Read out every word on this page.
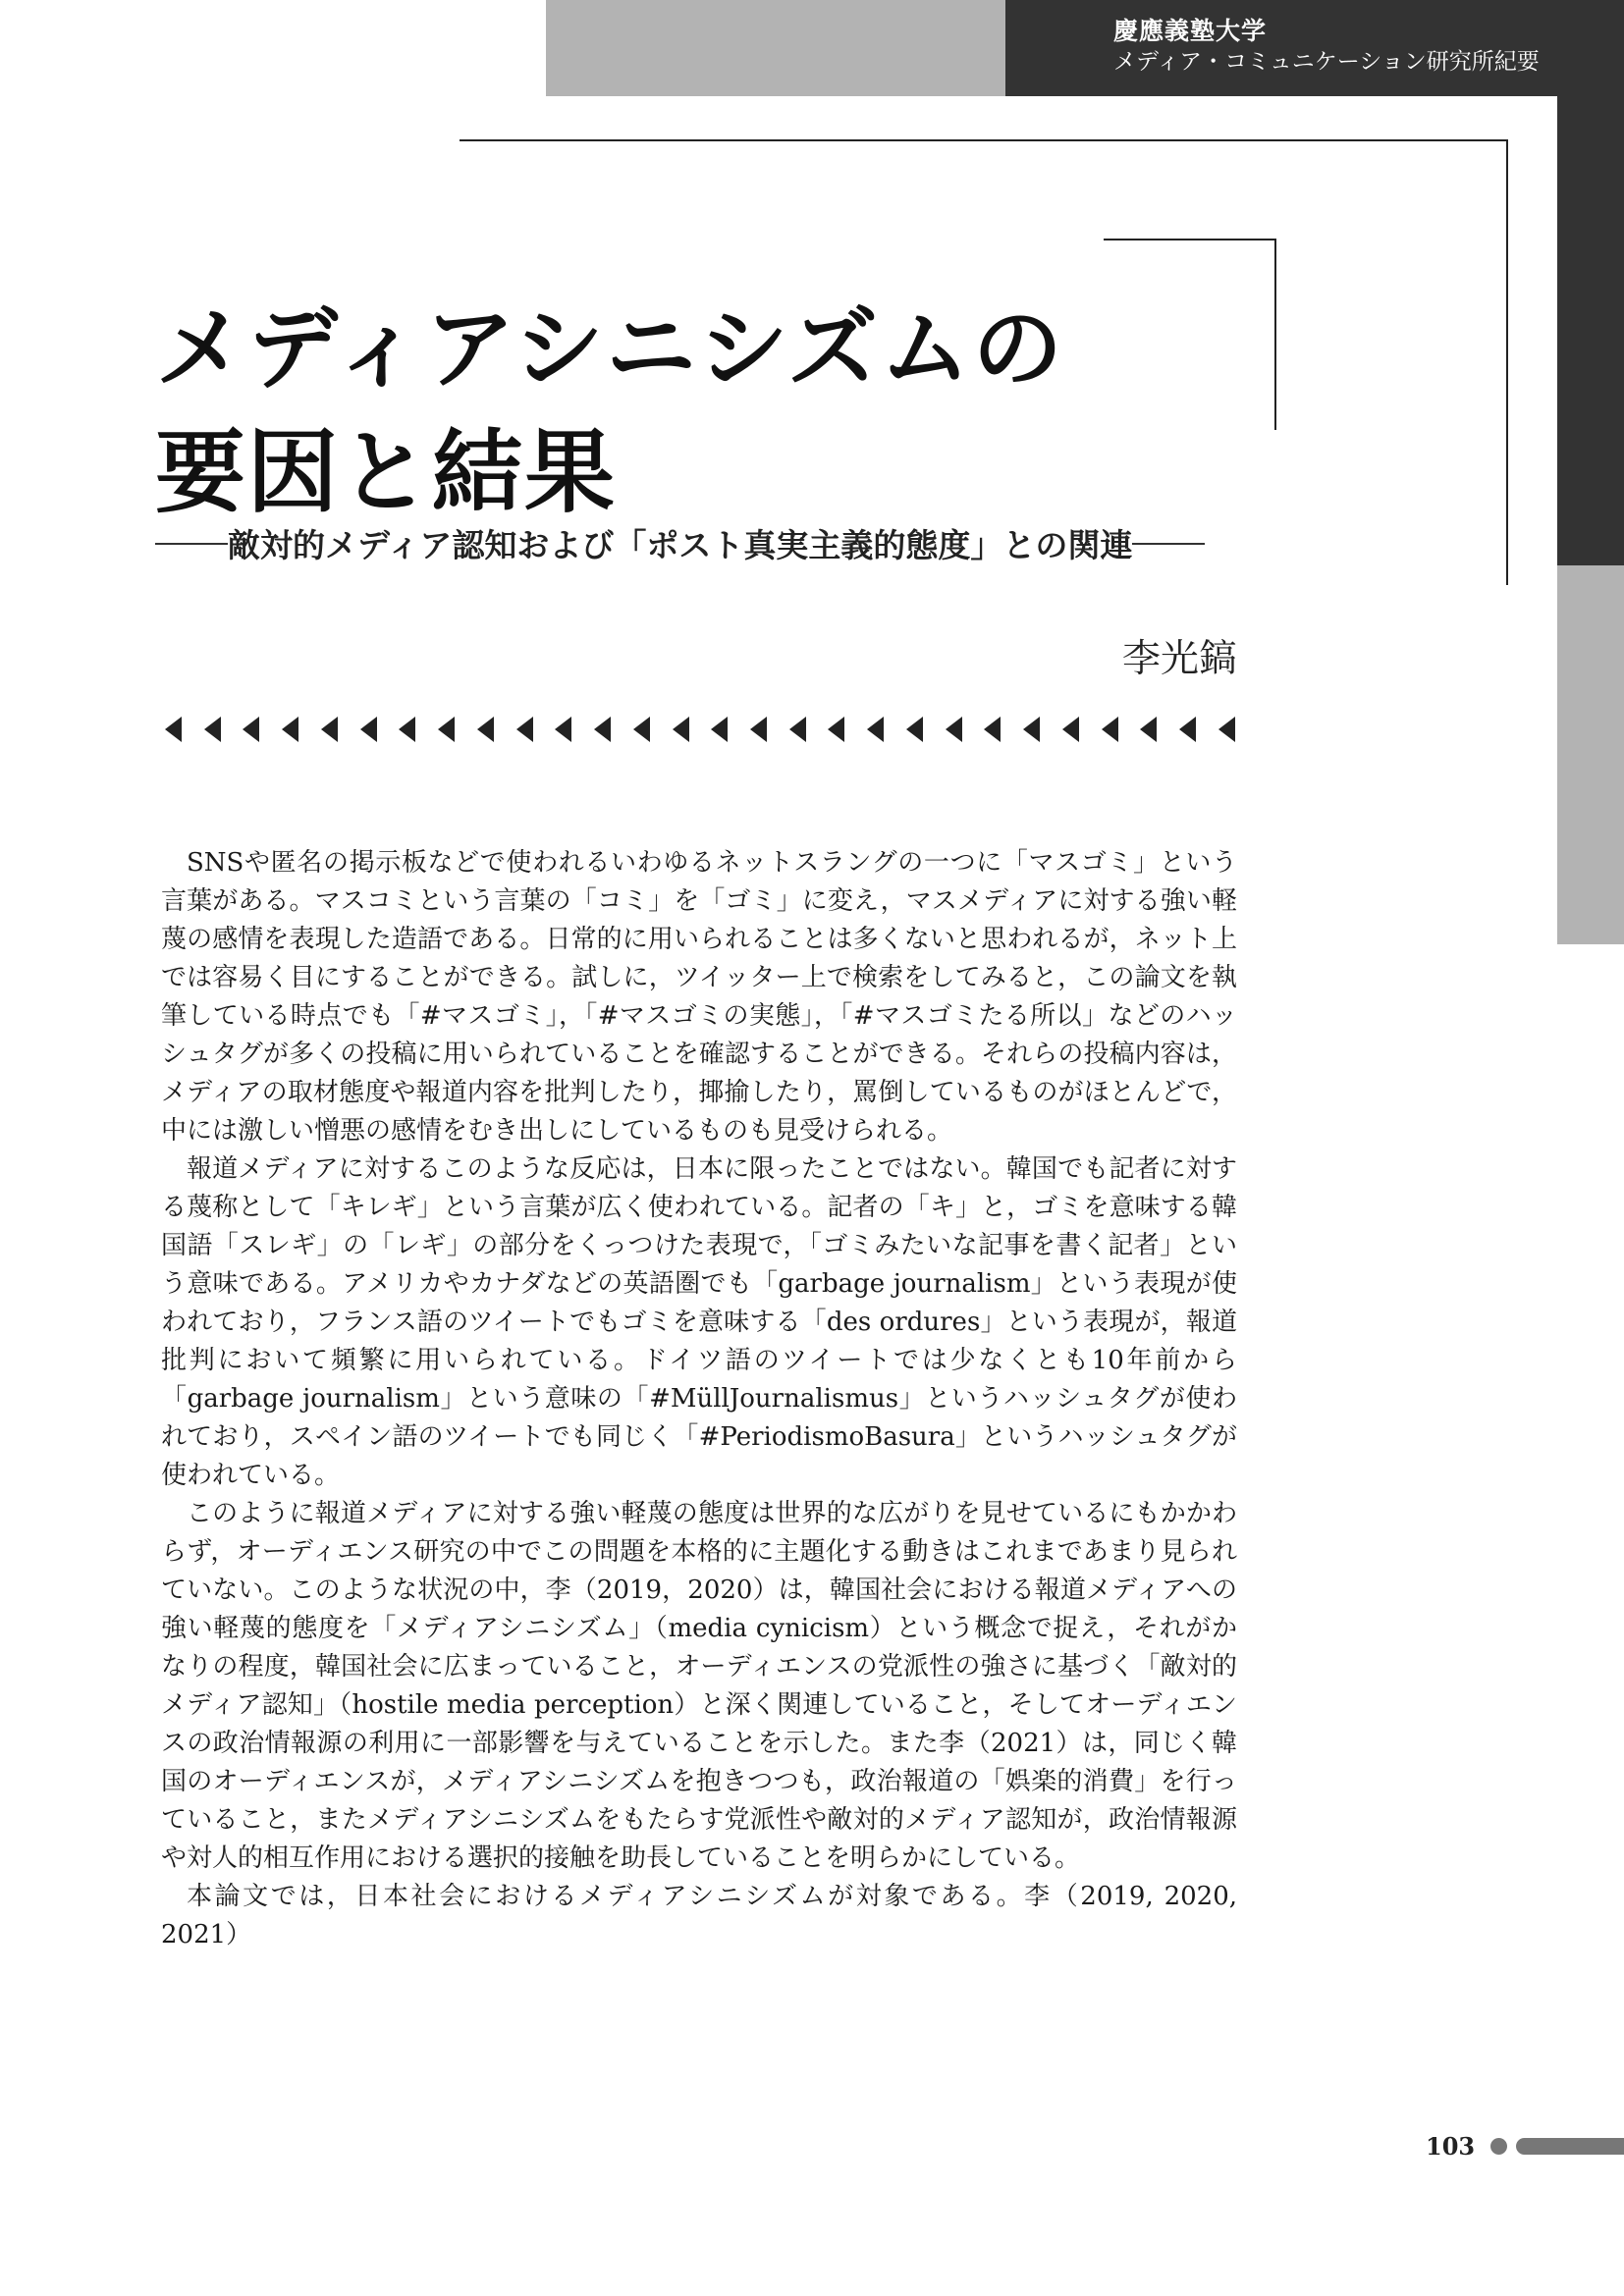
慶應義塾大学
メディア・コミュニケーション研究所紀要
メディアシニシズムの
要因と結果
敵対的メディア認知および「ポスト真実主義的態度」との関連
李光鎬

SNSや匿名の掲示板などで使われるいわゆるネットスラングの一つに「マスゴミ」という言葉がある。マスコミという言葉の「コミ」を「ゴミ」に変え，マスメディアに対する強い軽蔑の感情を表現した造語である。日常的に用いられることは多くないと思われるが，ネット上では容易く目にすることができる。試しに，ツイッター上で検索をしてみると，この論文を執筆している時点でも「#マスゴミ」，「#マスゴミの実態」，「#マスゴミたる所以」などのハッシュタグが多くの投稿に用いられていることを確認することができる。それらの投稿内容は，メディアの取材態度や報道内容を批判したり，揶揄したり，罵倒しているものがほとんどで，中には激しい憎悪の感情をむき出しにしているものも見受けられる。

報道メディアに対するこのような反応は，日本に限ったことではない。韓国でも記者に対する蔑称として「キレギ」という言葉が広く使われている。記者の「キ」と，ゴミを意味する韓国語「スレギ」の「レギ」の部分をくっつけた表現で，「ゴミみたいな記事を書く記者」という意味である。アメリカやカナダなどの英語圏でも「garbage journalism」という表現が使われており，フランス語のツイートでもゴミを意味する「des ordures」という表現が，報道批判において頻繁に用いられている。ドイツ語のツイートでは少なくとも10年前から「garbage journalism」という意味の「#MüllJournalismus」というハッシュタグが使われており，スペイン語のツイートでも同じく「#PeriodismoBasura」というハッシュタグが使われている。

このように報道メディアに対する強い軽蔑の態度は世界的な広がりを見せているにもかかわらず，オーディエンス研究の中でこの問題を本格的に主題化する動きはこれまであまり見られていない。このような状況の中，李（2019，2020）は，韓国社会における報道メディアへの強い軽蔑的態度を「メディアシニシズム」（media cynicism）という概念で捉え，それがかなりの程度，韓国社会に広まっていること，オーディエンスの党派性の強さに基づく「敵対的メディア認知」（hostile media perception）と深く関連していること，そしてオーディエンスの政治情報源の利用に一部影響を与えていることを示した。また李（2021）は，同じく韓国のオーディエンスが，メディアシニシズムを抱きつつも，政治報道の「娯楽的消費」を行っていること，またメディアシニシズムをもたらす党派性や敵対的メディア認知が，政治情報源や対人的相互作用における選択的接触を助長していることを明らかにしている。

本論文では，日本社会におけるメディアシニシズムが対象である。李（2019, 2020, 2021）

103
